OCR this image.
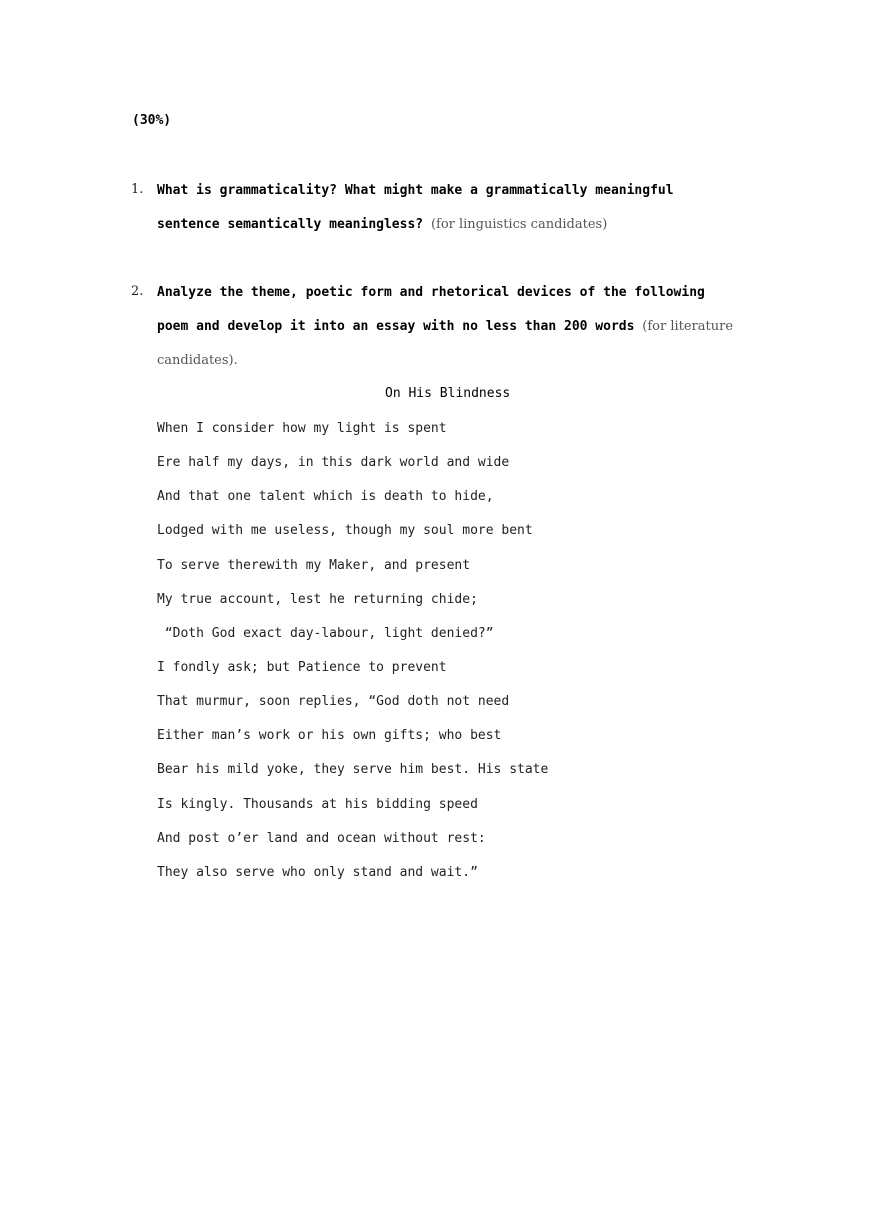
(30%)
1. What is grammaticality? What might make a grammatically meaningful sentence semantically meaningless? (for linguistics candidates)
2. Analyze the theme, poetic form and rhetorical devices of the following poem and develop it into an essay with no less than 200 words (for literature candidates).
On His Blindness
When I consider how my light is spent
Ere half my days, in this dark world and wide
And that one talent which is death to hide,
Lodged with me useless, though my soul more bent
To serve therewith my Maker, and present
My true account, lest he returning chide;
“Doth God exact day-labour, light denied?”
I fondly ask; but Patience to prevent
That murmur, soon replies, “God doth not need
Either man’s work or his own gifts; who best
Bear his mild yoke, they serve him best. His state
Is kingly. Thousands at his bidding speed
And post o’er land and ocean without rest:
They also serve who only stand and wait.”
